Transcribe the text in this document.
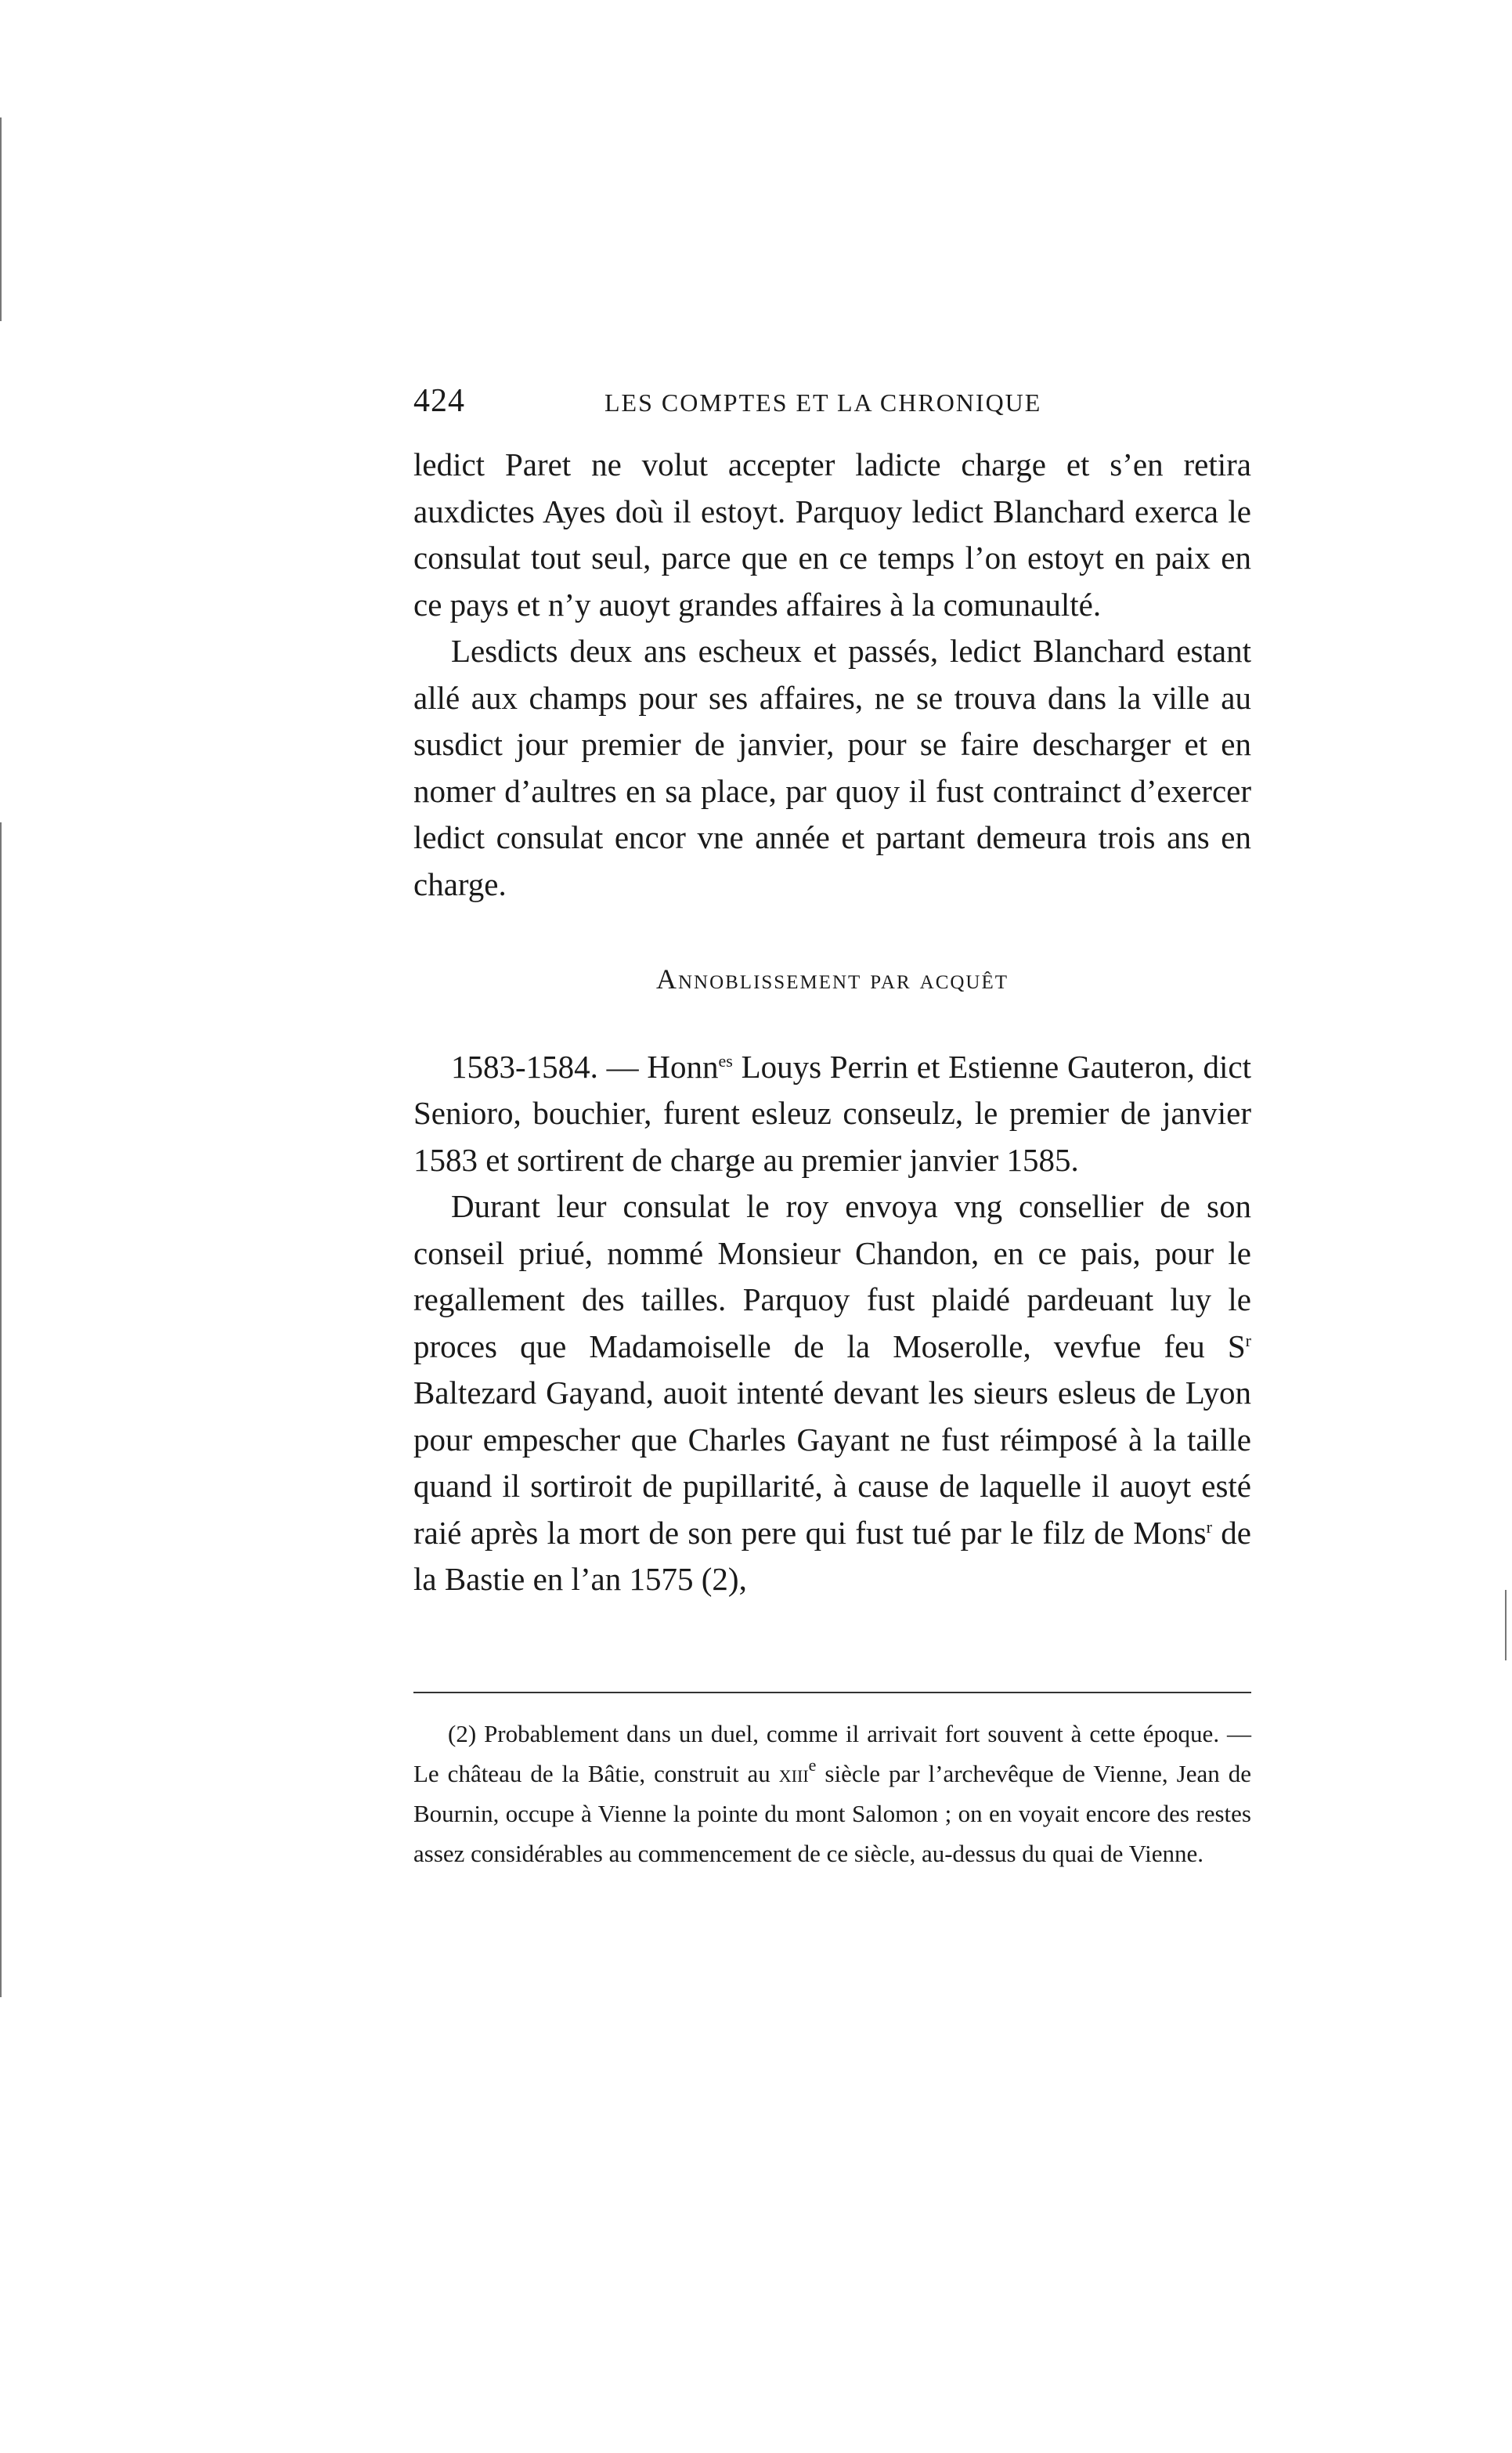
424	LES COMPTES ET LA CHRONIQUE

ledict Paret ne volut accepter ladicte charge et s’en retira auxdictes Ayes doù il estoyt. Parquoy ledict Blanchard exerca le consulat tout seul, parce que en ce temps l’on estoyt en paix en ce pays et n’y auoyt grandes affaires à la comunaulté.

Lesdicts deux ans escheux et passés, ledict Blanchard estant allé aux champs pour ses affaires, ne se trouva dans la ville au susdict jour premier de janvier, pour se faire descharger et en nomer d’aultres en sa place, par quoy il fust contrainct d’exercer ledict consulat encor vne année et partant demeura trois ans en charge.

Annoblissement par acquêt

1583-1584. — Honn$^{es}$ Louys Perrin et Estienne Gauteron, dict Senioro, bouchier, furent esleuz conseulz, le premier de janvier 1583 et sortirent de charge au premier janvier 1585.

Durant leur consulat le roy envoya vng consellier de son conseil priué, nommé Monsieur Chandon, en ce pais, pour le regallement des tailles. Parquoy fust plaidé pardeuant luy le proces que Madamoiselle de la Moserolle, vevfue feu $S^r$ Baltezard Gayand, auoit intenté devant les sieurs esleus de Lyon pour empescher que Charles Gayant ne fust réimposé à la taille quand il sortiroit de pupillarité, à cause de laquelle il auoyt esté raié après la mort de son pere qui fust tué par le filz de Mons$^r$ de la Bastie en l’an 1575 (2),

(2) Probablement dans un duel, comme il arrivait fort souvent à cette époque. — Le château de la Bâtie, construit au xiii$^e$ siècle par l’archevêque de Vienne, Jean de Bournin, occupe à Vienne la pointe du mont Salomon ; on en voyait encore des restes assez considérables au commencement de ce siècle, au-dessus du quai de Vienne.
